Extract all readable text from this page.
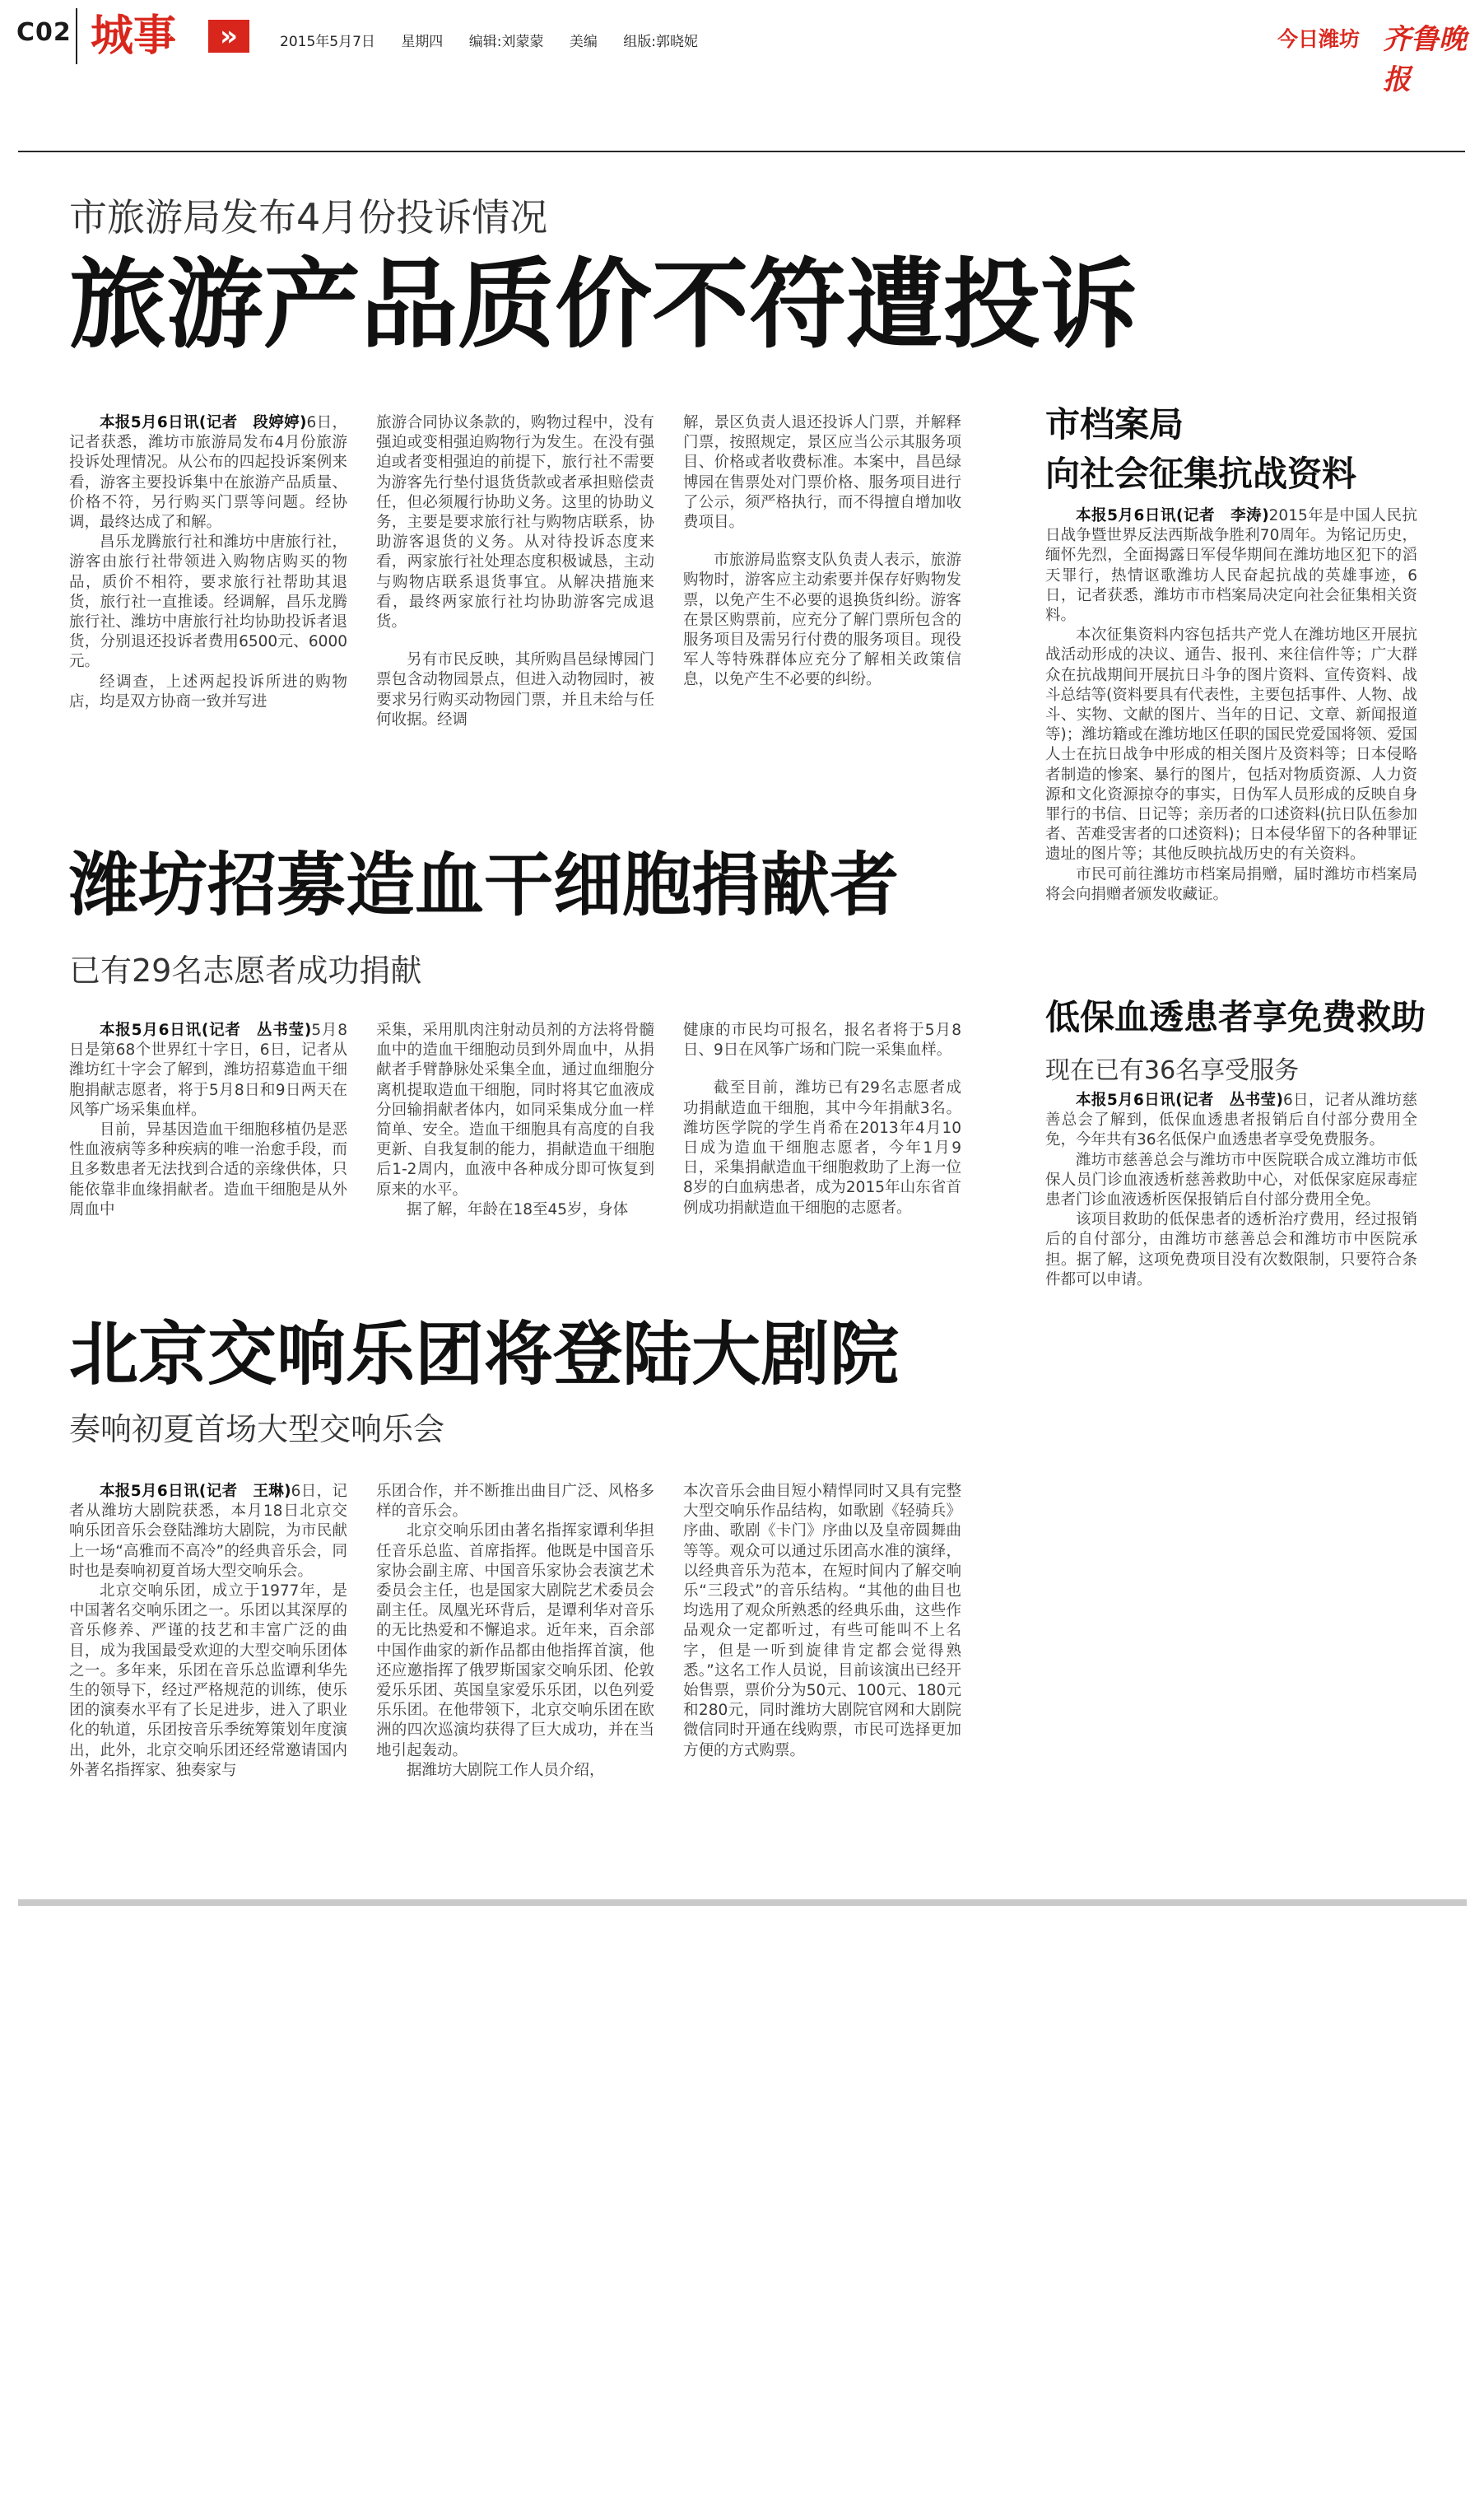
C02 城事	»	2015年5月7日 星期四 编辑:刘蒙蒙 美编 组版:郭晓妮	今日潍坊 齐鲁晚报
市旅游局发布4月份投诉情况
旅游产品质价不符遭投诉

本报5月6日讯(记者　段婷婷)6日，记者获悉，潍坊市旅游局发布4月份旅游投诉处理情况。从公布的四起投诉案例来看，游客主要投诉集中在旅游产品质量、价格不符，另行购买门票等问题。经协调，最终达成了和解。

昌乐龙腾旅行社和潍坊中唐旅行社，游客由旅行社带领进入购物店购买的物品，质价不相符，要求旅行社帮助其退货，旅行社一直推诿。经调解，昌乐龙腾旅行社、潍坊中唐旅行社均协助投诉者退货，分别退还投诉者费用6500元、6000元。

经调查，上述两起投诉所进的购物店，均是双方协商一致并写进

旅游合同协议条款的，购物过程中，没有强迫或变相强迫购物行为发生。在没有强迫或者变相强迫的前提下，旅行社不需要为游客先行垫付退货货款或者承担赔偿责任，但必须履行协助义务。这里的协助义务，主要是要求旅行社与购物店联系，协助游客退货的义务。从对待投诉态度来看，两家旅行社处理态度积极诚恳，主动与购物店联系退货事宜。从解决措施来看，最终两家旅行社均协助游客完成退货。

另有市民反映，其所购昌邑绿博园门票包含动物园景点，但进入动物园时，被要求另行购买动物园门票，并且未给与任何收据。经调

解，景区负责人退还投诉人门票，并解释门票，按照规定，景区应当公示其服务项目、价格或者收费标准。本案中，昌邑绿博园在售票处对门票价格、服务项目进行了公示，须严格执行，而不得擅自增加收费项目。

市旅游局监察支队负责人表示，旅游购物时，游客应主动索要并保存好购物发票，以免产生不必要的退换货纠纷。游客在景区购票前，应充分了解门票所包含的服务项目及需另行付费的服务项目。现役军人等特殊群体应充分了解相关政策信息，以免产生不必要的纠纷。

潍坊招募造血干细胞捐献者
已有29名志愿者成功捐献

本报5月6日讯(记者　丛书莹)5月8日是第68个世界红十字日，6日，记者从潍坊红十字会了解到，潍坊招募造血干细胞捐献志愿者，将于5月8日和9日两天在风筝广场采集血样。

目前，异基因造血干细胞移植仍是恶性血液病等多种疾病的唯一治愈手段，而且多数患者无法找到合适的亲缘供体，只能依靠非血缘捐献者。造血干细胞是从外周血中

采集，采用肌肉注射动员剂的方法将骨髓血中的造血干细胞动员到外周血中，从捐献者手臂静脉处采集全血，通过血细胞分离机提取造血干细胞，同时将其它血液成分回输捐献者体内，如同采集成分血一样简单、安全。造血干细胞具有高度的自我更新、自我复制的能力，捐献造血干细胞后1-2周内，血液中各种成分即可恢复到原来的水平。

据了解，年龄在18至45岁，身体

健康的市民均可报名，报名者将于5月8日、9日在风筝广场和门院一采集血样。

截至目前，潍坊已有29名志愿者成功捐献造血干细胞，其中今年捐献3名。潍坊医学院的学生肖希在2013年4月10日成为造血干细胞志愿者，今年1月9日，采集捐献造血干细胞救助了上海一位8岁的白血病患者，成为2015年山东省首例成功捐献造血干细胞的志愿者。

北京交响乐团将登陆大剧院
奏响初夏首场大型交响乐会

本报5月6日讯(记者　王琳)6日，记者从潍坊大剧院获悉，本月18日北京交响乐团音乐会登陆潍坊大剧院，为市民献上一场“高雅而不高冷”的经典音乐会，同时也是奏响初夏首场大型交响乐会。

北京交响乐团，成立于1977年，是中国著名交响乐团之一。乐团以其深厚的音乐修养、严谨的技艺和丰富广泛的曲目，成为我国最受欢迎的大型交响乐团体之一。多年来，乐团在音乐总监谭利华先生的领导下，经过严格规范的训练，使乐团的演奏水平有了长足进步，进入了职业化的轨道，乐团按音乐季统筹策划年度演出，此外，北京交响乐团还经常邀请国内外著名指挥家、独奏家与

乐团合作，并不断推出曲目广泛、风格多样的音乐会。

北京交响乐团由著名指挥家谭利华担任音乐总监、首席指挥。他既是中国音乐家协会副主席、中国音乐家协会表演艺术委员会主任，也是国家大剧院艺术委员会副主任。凤凰光环背后，是谭利华对音乐的无比热爱和不懈追求。近年来，百余部中国作曲家的新作品都由他指挥首演，他还应邀指挥了俄罗斯国家交响乐团、伦敦爱乐乐团、英国皇家爱乐乐团，以色列爱乐乐团。在他带领下，北京交响乐团在欧洲的四次巡演均获得了巨大成功，并在当地引起轰动。

据潍坊大剧院工作人员介绍，

本次音乐会曲目短小精悍同时又具有完整大型交响乐作品结构，如歌剧《轻骑兵》序曲、歌剧《卡门》序曲以及皇帝圆舞曲等等。观众可以通过乐团高水准的演绎，以经典音乐为范本，在短时间内了解交响乐“三段式”的音乐结构。“其他的曲目也均选用了观众所熟悉的经典乐曲，这些作品观众一定都听过，有些可能叫不上名字，但是一听到旋律肯定都会觉得熟悉。”这名工作人员说，目前该演出已经开始售票，票价分为50元、100元、180元和280元，同时潍坊大剧院官网和大剧院微信同时开通在线购票，市民可选择更加方便的方式购票。

市档案局
向社会征集抗战资料

本报5月6日讯(记者　李涛)2015年是中国人民抗日战争暨世界反法西斯战争胜利70周年。为铭记历史，缅怀先烈，全面揭露日军侵华期间在潍坊地区犯下的滔天罪行，热情讴歌潍坊人民奋起抗战的英雄事迹，6日，记者获悉，潍坊市市档案局决定向社会征集相关资料。

本次征集资料内容包括共产党人在潍坊地区开展抗战活动形成的决议、通告、报刊、来往信件等；广大群众在抗战期间开展抗日斗争的图片资料、宣传资料、战斗总结等(资料要具有代表性，主要包括事件、人物、战斗、实物、文献的图片、当年的日记、文章、新闻报道等)；潍坊籍或在潍坊地区任职的国民党爱国将领、爱国人士在抗日战争中形成的相关图片及资料等；日本侵略者制造的惨案、暴行的图片，包括对物质资源、人力资源和文化资源掠夺的事实，日伪军人员形成的反映自身罪行的书信、日记等；亲历者的口述资料(抗日队伍参加者、苦难受害者的口述资料)；日本侵华留下的各种罪证遗址的图片等；其他反映抗战历史的有关资料。

市民可前往潍坊市档案局捐赠，届时潍坊市档案局将会向捐赠者颁发收藏证。

低保血透患者享免费救助
现在已有36名享受服务

本报5月6日讯(记者　丛书莹)6日，记者从潍坊慈善总会了解到，低保血透患者报销后自付部分费用全免，今年共有36名低保户血透患者享受免费服务。

潍坊市慈善总会与潍坊市中医院联合成立潍坊市低保人员门诊血液透析慈善救助中心，对低保家庭尿毒症患者门诊血液透析医保报销后自付部分费用全免。

该项目救助的低保患者的透析治疗费用，经过报销后的自付部分，由潍坊市慈善总会和潍坊市中医院承担。据了解，这项免费项目没有次数限制，只要符合条件都可以申请。
